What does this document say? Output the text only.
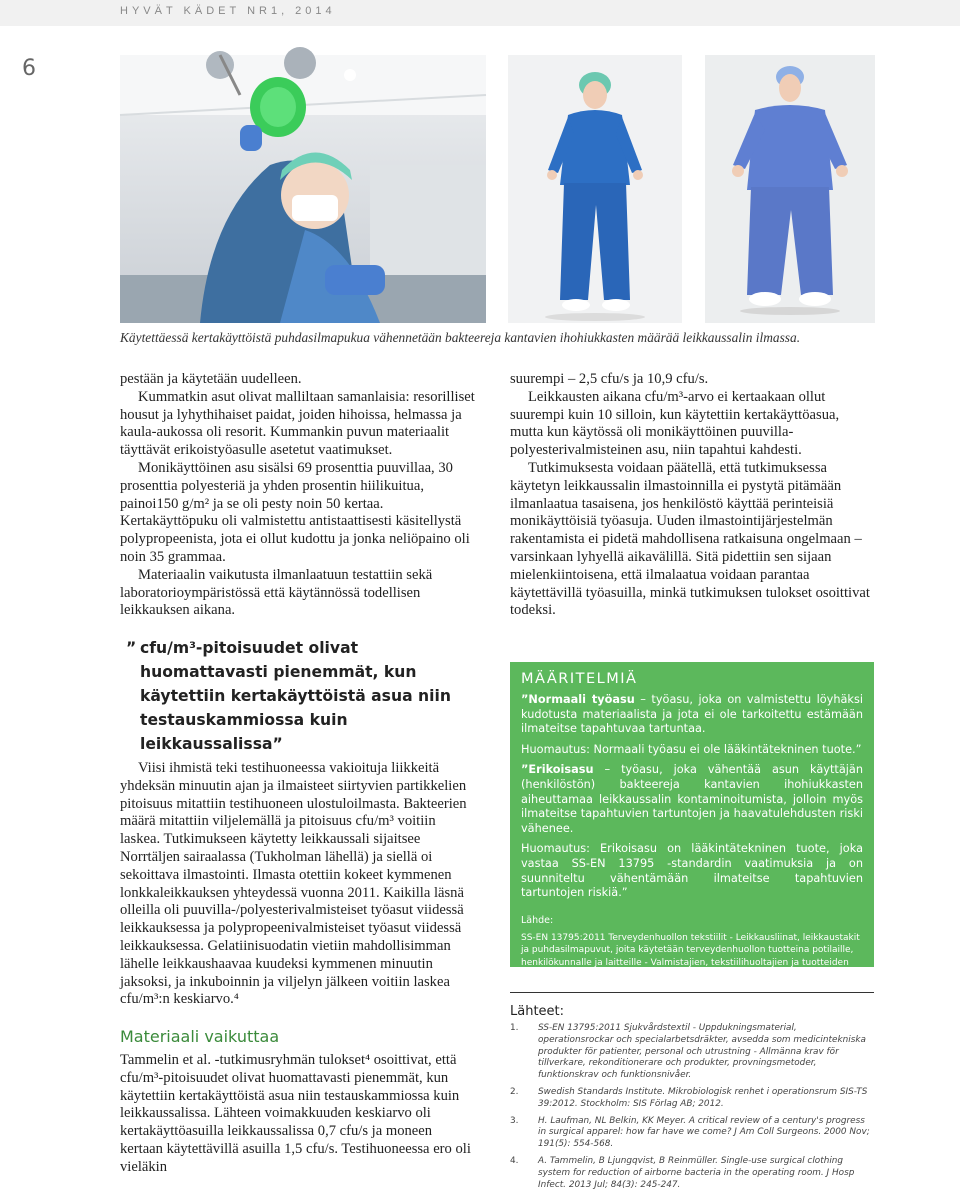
HYVÄT KÄDET NR1, 2014
6
Käytettäessä kertakäyttöistä puhdasilmapukua vähennetään bakteereja kantavien ihohiukkasten määrää leikkaussalin ilmassa.

pestään ja käytetään uudelleen.

Kummatkin asut olivat malliltaan samanlaisia: resorilliset housut ja lyhythihaiset paidat, joiden hihoissa, helmassa ja kaula-aukossa oli resorit. Kummankin puvun materiaalit täyttävät erikoistyöasulle asetetut vaatimukset.

Monikäyttöinen asu sisälsi 69 prosenttia puuvillaa, 30 prosenttia polyesteriä ja yhden prosentin hiilikuitua, painoi150 g/m² ja se oli pesty noin 50 kertaa. Kertakäyttöpuku oli valmistettu antistaattisesti käsitellystä polypropeenista, jota ei ollut kudottu ja jonka neliöpaino oli noin 35 grammaa.

Materiaalin vaikutusta ilmanlaatuun testattiin sekä laboratorioympäristössä että käytännössä todellisen leikkauksen aikana.

suurempi – 2,5 cfu/s ja 10,9 cfu/s.

Leikkausten aikana cfu/m³-arvo ei kertaakaan ollut suurempi kuin 10 silloin, kun käytettiin kertakäyttöasua, mutta kun käytössä oli monikäyttöinen puuvilla-polyesterivalmisteinen asu, niin tapahtui kahdesti.

Tutkimuksesta voidaan päätellä, että tutkimuksessa käytetyn leikkaussalin ilmastoinnilla ei pystytä pitämään ilmanlaatua tasaisena, jos henkilöstö käyttää perinteisiä monikäyttöisiä työasuja. Uuden ilmastointijärjestelmän rakentamista ei pidetä mahdollisena ratkaisuna ongelmaan – varsinkaan lyhyellä aikavälillä. Sitä pidettiin sen sijaan mielenkiintoisena, että ilmalaatua voidaan parantaa käytettävillä työasuilla, minkä tutkimuksen tulokset osoittivat todeksi.

” cfu/m³-pitoisuudet olivat huomattavasti pienemmät, kun käytettiin kertakäyttöistä asua niin testauskammiossa kuin leikkaussalissa”

Viisi ihmistä teki testihuoneessa vakioituja liikkeitä yhdeksän minuutin ajan ja ilmaisteet siirtyvien partikkelien pitoisuus mitattiin testihuoneen ulostuloilmasta. Bakteerien määrä mitattiin viljelemällä ja pitoisuus cfu/m³ voitiin laskea. Tutkimukseen käytetty leikkaussali sijaitsee Norrtäljen sairaalassa (Tukholman lähellä) ja siellä oi sekoittava ilmastointi. Ilmasta otettiin kokeet kymmenen lonkkaleikkauksen yhteydessä vuonna 2011. Kaikilla läsnä olleilla oli puuvilla-/polyesterivalmisteiset työasut viidessä leikkauksessa ja polypropeenivalmisteiset työasut viidessä leikkauksessa. Gelatiinisuodatin vietiin mahdollisimman lähelle leikkaushaavaa kuudeksi kymmenen minuutin jaksoksi, ja inkuboinnin ja viljelyn jälkeen voitiin laskea cfu/m³:n keskiarvo.⁴

Materiaali vaikuttaa

Tammelin et al. -tutkimusryhmän tulokset⁴ osoittivat, että cfu/m³-pitoisuudet olivat huomattavasti pienemmät, kun käytettiin kertakäyttöistä asua niin testauskammiossa kuin leikkaussalissa. Lähteen voimakkuuden keskiarvo oli kertakäyttöasuilla leikkaussalissa 0,7 cfu/s ja moneen kertaan käytettävillä asuilla 1,5 cfu/s. Testihuoneessa ero oli vieläkin

MÄÄRITELMIÄ
”Normaali työasu – työasu, joka on valmistettu löyhäksi kudotusta materiaalista ja jota ei ole tarkoitettu estämään ilmateitse tapahtuvaa tartuntaa.
Huomautus: Normaali työasu ei ole lääkintätekninen tuote.”
”Erikoisasu – työasu, joka vähentää asun käyttäjän (henkilöstön) bakteereja kantavien ihohiukkasten aiheuttamaa leikkaussalin kontaminoitumista, jolloin myös ilmateitse tapahtuvien tartuntojen ja haavatulehdusten riski vähenee.
Huomautus: Erikoisasu on lääkintätekninen tuote, joka vastaa SS-EN 13795 -standardin vaatimuksia ja on suunniteltu vähentämään ilmateitse tapahtuvien tartuntojen riskiä.”
Lähde:
SS-EN 13795:2011 Terveydenhuollon tekstiilit - Leikkausliinat, leikkaustakit ja puhdasilmapuvut, joita käytetään terveydenhuollon tuotteina potilaille, henkilökunnalle ja laitteille - Valmistajien, tekstiilihuoltajien ja tuotteiden yleiset vaatimukset, testimenetelmät, suorituskykyvaatimukset ja luokitus.
Lähteet:
1.	SS-EN 13795:2011 Sjukvårdstextil - Uppdukningsmaterial, operationsrockar och specialarbetsdräkter, avsedda som medicintekniska produkter för patienter, personal och utrustning - Allmänna krav för tillverkare, rekonditionerare och produkter, provningsmetoder, funktionskrav och funktionsnivåer.
2.	Swedish Standards Institute. Mikrobiologisk renhet i operationsrum SIS-TS 39:2012. Stockholm: SIS Förlag AB; 2012.
3.	H. Laufman, NL Belkin, KK Meyer. A critical review of a century's progress in surgical apparel: how far have we come? J Am Coll Surgeons. 2000 Nov; 191(5): 554-568.
4.	A. Tammelin, B Ljungqvist, B Reinmüller. Single-use surgical clothing system for reduction of airborne bacteria in the operating room. J Hosp Infect. 2013 Jul; 84(3): 245-247.
